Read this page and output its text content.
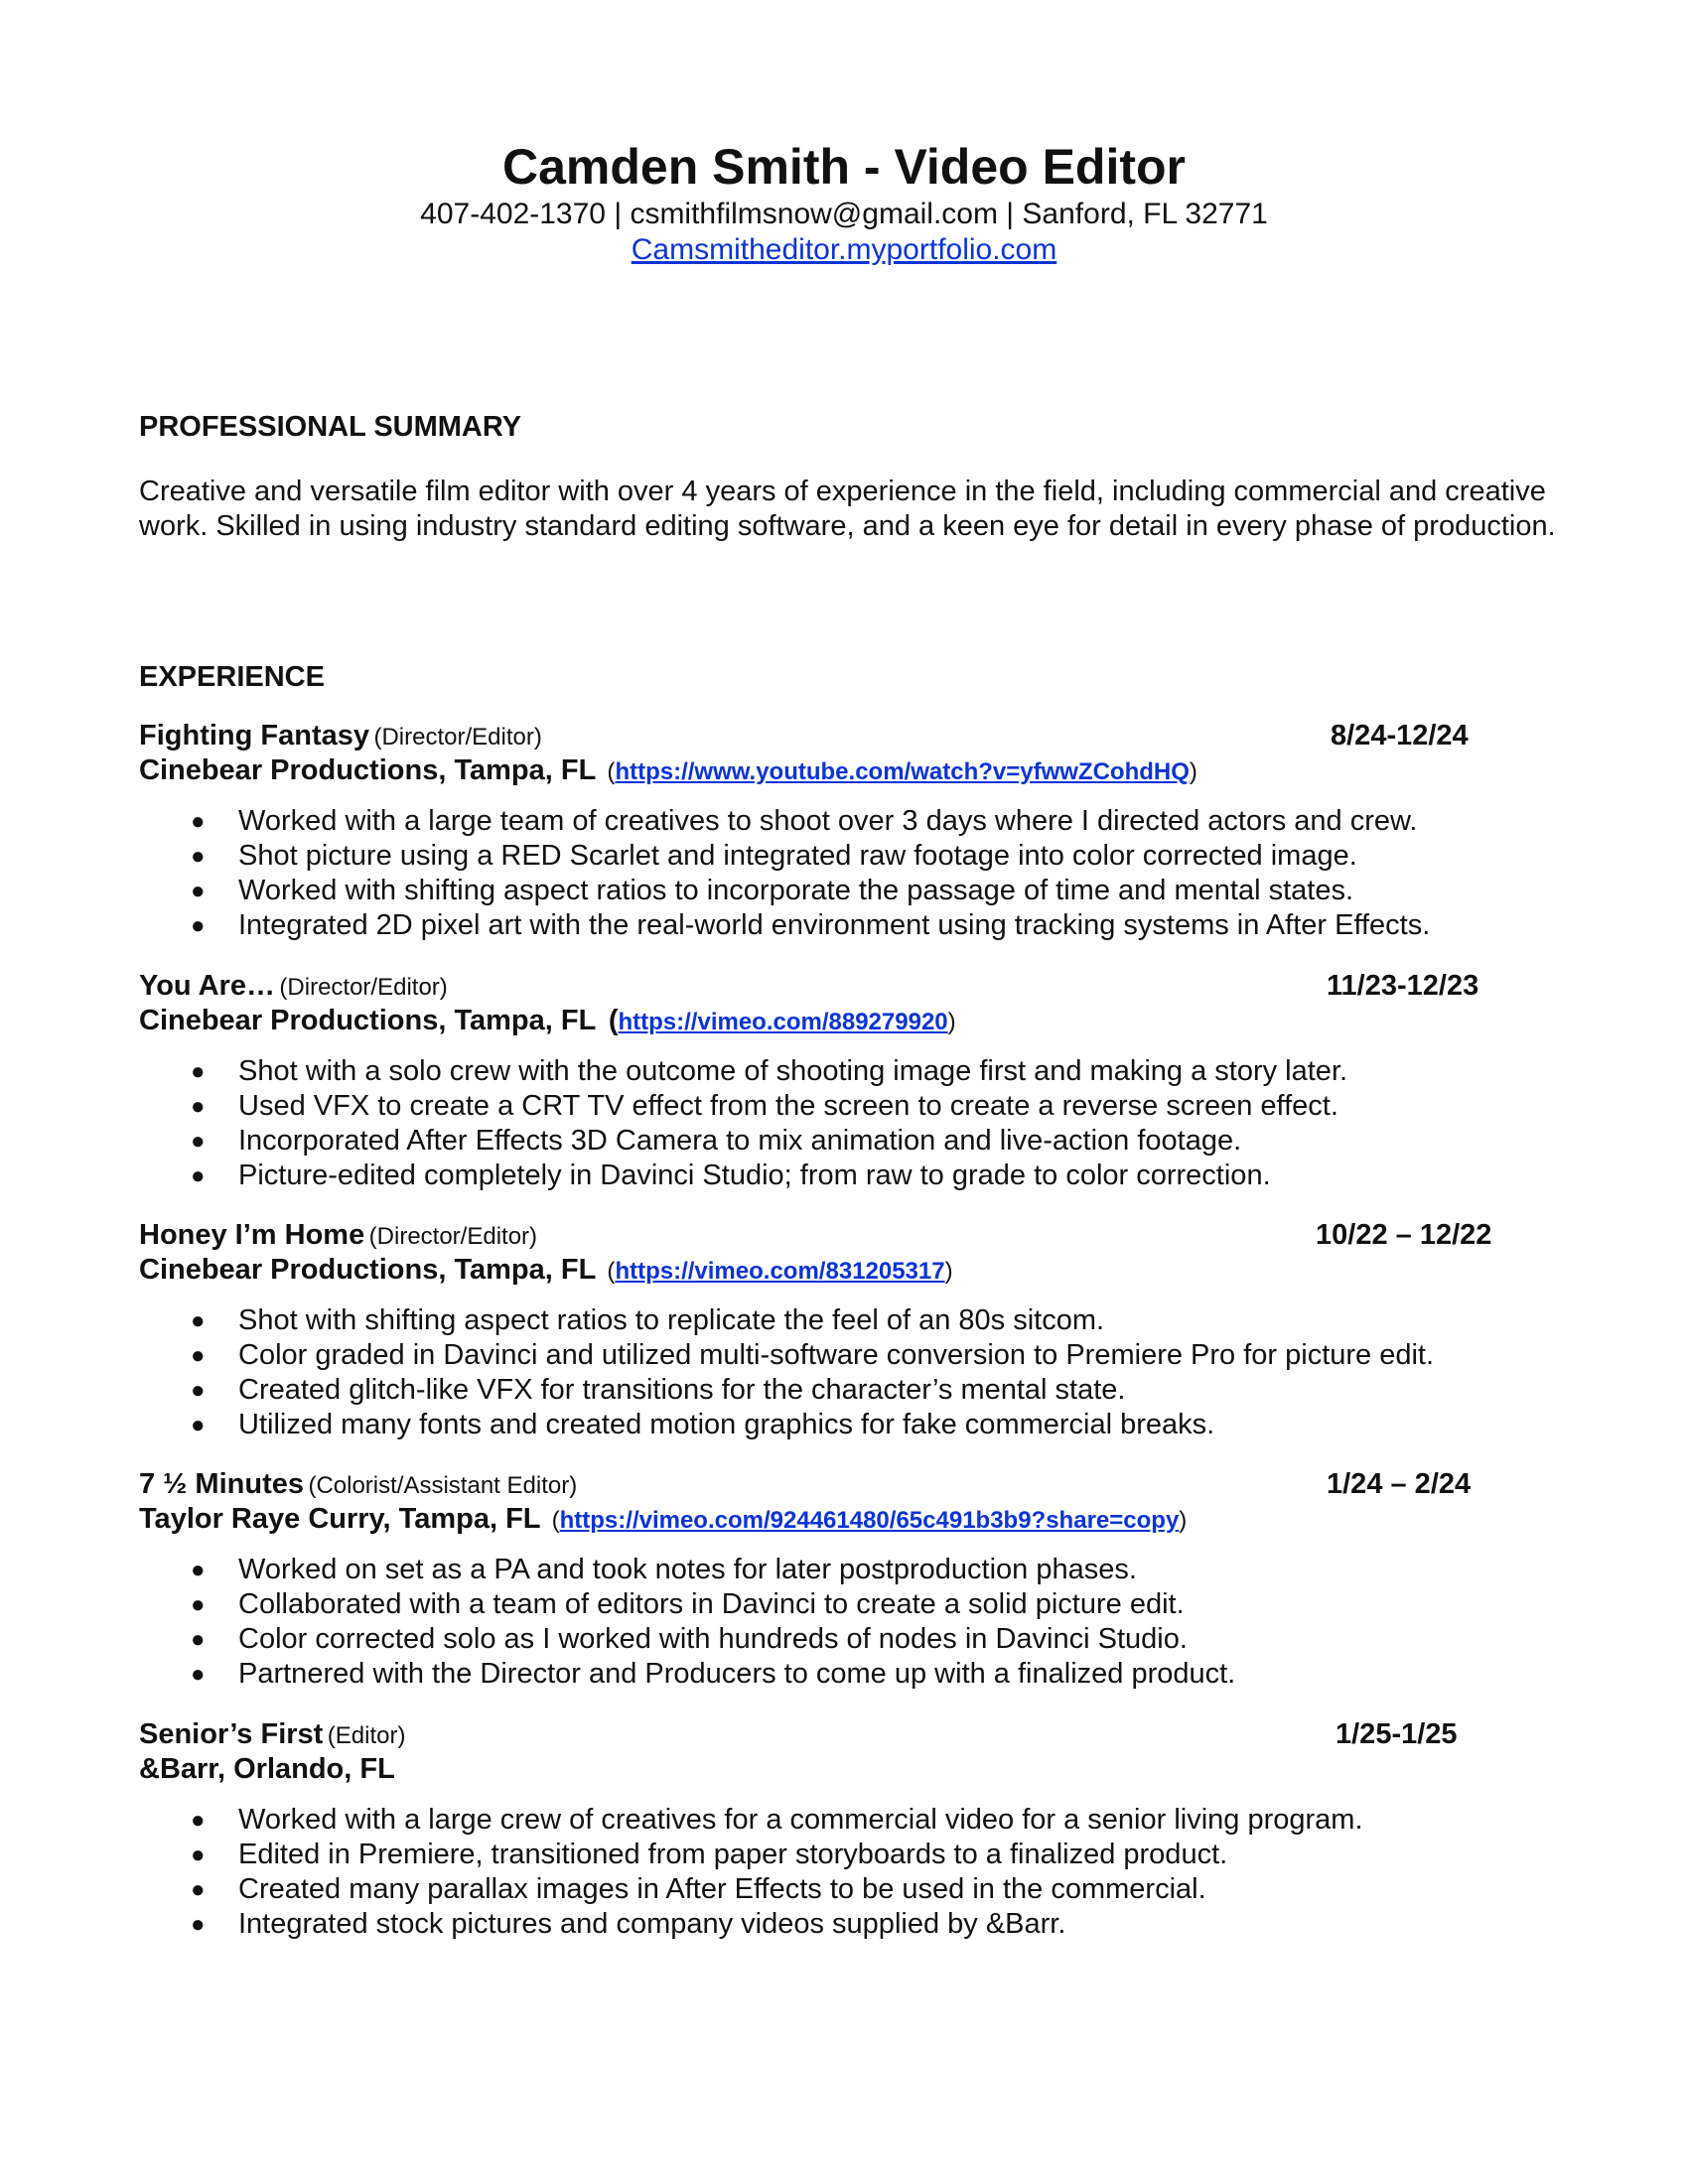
Camden Smith - Video Editor
407-402-1370 | csmithfilmsnow@gmail.com | Sanford, FL 32771
Camsmitheditor.myportfolio.com
PROFESSIONAL SUMMARY
Creative and versatile film editor with over 4 years of experience in the field, including commercial and creative work. Skilled in using industry standard editing software, and a keen eye for detail in every phase of production.
EXPERIENCE
Fighting Fantasy (Director/Editor)	8/24-12/24
Cinebear Productions, Tampa, FL  (https://www.youtube.com/watch?v=yfwwZCohdHQ)
● Worked with a large team of creatives to shoot over 3 days where I directed actors and crew.
● Shot picture using a RED Scarlet and integrated raw footage into color corrected image.
● Worked with shifting aspect ratios to incorporate the passage of time and mental states.
● Integrated 2D pixel art with the real-world environment using tracking systems in After Effects.
You Are… (Director/Editor)	11/23-12/23
Cinebear Productions, Tampa, FL  (https://vimeo.com/889279920)
● Shot with a solo crew with the outcome of shooting image first and making a story later.
● Used VFX to create a CRT TV effect from the screen to create a reverse screen effect.
● Incorporated After Effects 3D Camera to mix animation and live-action footage.
● Picture-edited completely in Davinci Studio; from raw to grade to color correction.
Honey I’m Home (Director/Editor)	10/22 – 12/22
Cinebear Productions, Tampa, FL  (https://vimeo.com/831205317)
● Shot with shifting aspect ratios to replicate the feel of an 80s sitcom.
● Color graded in Davinci and utilized multi-software conversion to Premiere Pro for picture edit.
● Created glitch-like VFX for transitions for the character’s mental state.
● Utilized many fonts and created motion graphics for fake commercial breaks.
7 ½ Minutes (Colorist/Assistant Editor)	1/24 – 2/24
Taylor Raye Curry, Tampa, FL  (https://vimeo.com/924461480/65c491b3b9?share=copy)
● Worked on set as a PA and took notes for later postproduction phases.
● Collaborated with a team of editors in Davinci to create a solid picture edit.
● Color corrected solo as I worked with hundreds of nodes in Davinci Studio.
● Partnered with the Director and Producers to come up with a finalized product.
Senior’s First (Editor)	1/25-1/25
&Barr, Orlando, FL
● Worked with a large crew of creatives for a commercial video for a senior living program.
● Edited in Premiere, transitioned from paper storyboards to a finalized product.
● Created many parallax images in After Effects to be used in the commercial.
● Integrated stock pictures and company videos supplied by &Barr.
